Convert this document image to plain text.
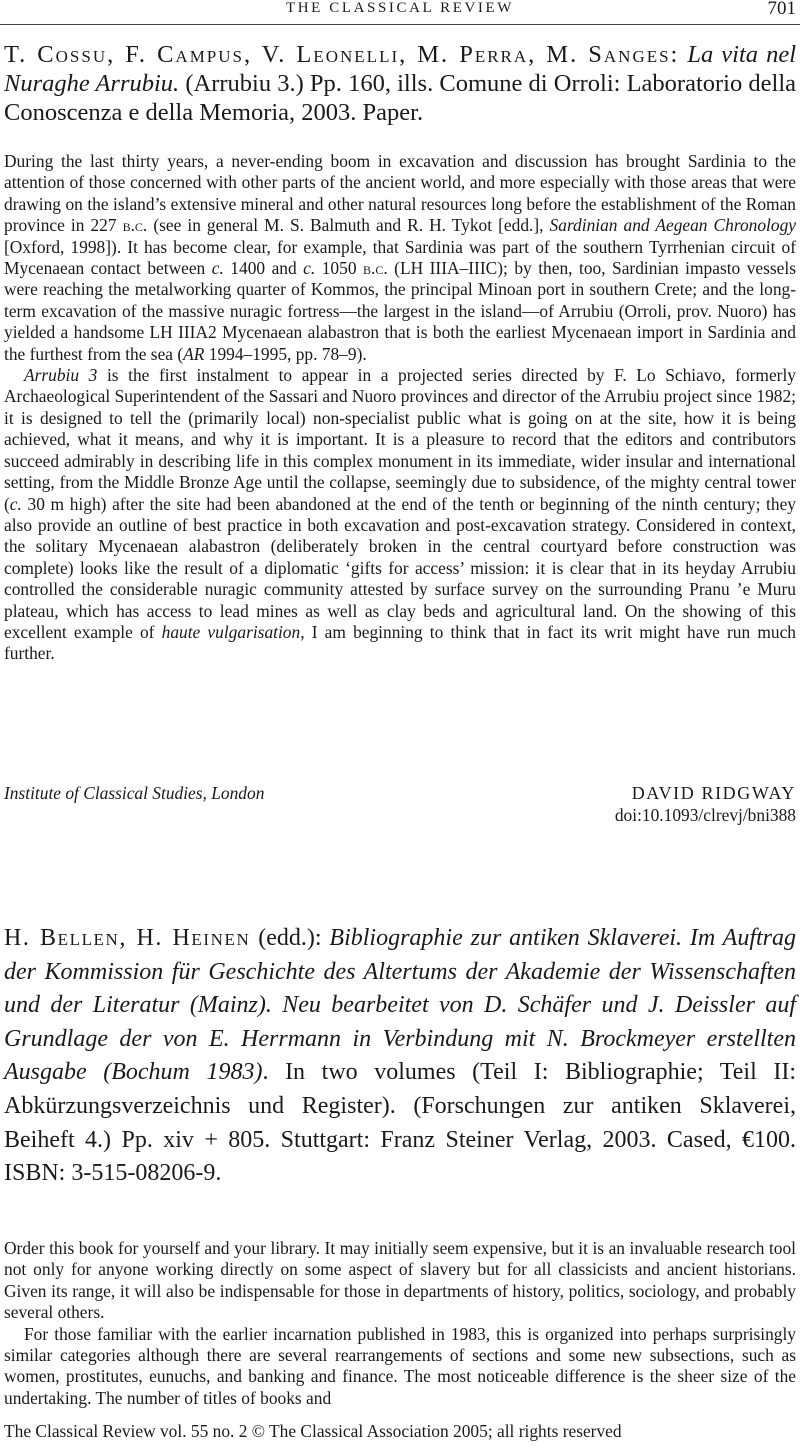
THE CLASSICAL REVIEW	701
T. Cossu, F. Campus, V. Leonelli, M. Perra, M. Sanges: La vita nel Nuraghe Arrubiu. (Arrubiu 3.) Pp. 160, ills. Comune di Orroli: Laboratorio della Conoscenza e della Memoria, 2003. Paper.

During the last thirty years, a never-ending boom in excavation and discussion has brought Sardinia to the attention of those concerned with other parts of the ancient world, and more especially with those areas that were drawing on the island’s extensive mineral and other natural resources long before the establishment of the Roman province in 227 b.c. (see in general M. S. Balmuth and R. H. Tykot [edd.], Sardinian and Aegean Chronology [Oxford, 1998]). It has become clear, for example, that Sardinia was part of the southern Tyrrhenian circuit of Mycenaean contact between c. 1400 and c. 1050 b.c. (LH IIIA–IIIC); by then, too, Sardinian impasto vessels were reaching the metalworking quarter of Kommos, the principal Minoan port in southern Crete; and the long-term excavation of the massive nuragic fortress—the largest in the island—of Arrubiu (Orroli, prov. Nuoro) has yielded a handsome LH IIIA2 Mycenaean alabastron that is both the earliest Mycenaean import in Sardinia and the furthest from the sea (AR 1994–1995, pp. 78–9).

Arrubiu 3 is the first instalment to appear in a projected series directed by F. Lo Schiavo, formerly Archaeological Superintendent of the Sassari and Nuoro provinces and director of the Arrubiu project since 1982; it is designed to tell the (primarily local) non-specialist public what is going on at the site, how it is being achieved, what it means, and why it is important. It is a pleasure to record that the editors and contributors succeed admirably in describing life in this complex monument in its immediate, wider insular and international setting, from the Middle Bronze Age until the collapse, seemingly due to subsidence, of the mighty central tower (c. 30 m high) after the site had been abandoned at the end of the tenth or beginning of the ninth century; they also provide an outline of best practice in both excavation and post-excavation strategy. Considered in context, the solitary Mycenaean alabastron (deliberately broken in the central courtyard before construction was complete) looks like the result of a diplomatic ‘gifts for access’ mission: it is clear that in its heyday Arrubiu controlled the considerable nuragic community attested by surface survey on the surrounding Pranu ’e Muru plateau, which has access to lead mines as well as clay beds and agricultural land. On the showing of this excellent example of haute vulgarisation, I am beginning to think that in fact its writ might have run much further.

Institute of Classical Studies, London	DAVID RIDGWAY
doi:10.1093/clrevj/bni388
H. Bellen, H. Heinen (edd.): Bibliographie zur antiken Sklaverei. Im Auftrag der Kommission für Geschichte des Altertums der Akademie der Wissenschaften und der Literatur (Mainz). Neu bearbeitet von D. Schäfer und J. Deissler auf Grundlage der von E. Herrmann in Verbindung mit N. Brockmeyer erstellten Ausgabe (Bochum 1983). In two volumes (Teil I: Bibliographie; Teil II: Abkürzungsverzeichnis und Register). (Forschungen zur antiken Sklaverei, Beiheft 4.) Pp. xiv + 805. Stuttgart: Franz Steiner Verlag, 2003. Cased, €100. ISBN: 3-515-08206-9.

Order this book for yourself and your library. It may initially seem expensive, but it is an invaluable research tool not only for anyone working directly on some aspect of slavery but for all classicists and ancient historians. Given its range, it will also be indispensable for those in departments of history, politics, sociology, and probably several others.

For those familiar with the earlier incarnation published in 1983, this is organized into perhaps surprisingly similar categories although there are several rearrangements of sections and some new subsections, such as women, prostitutes, eunuchs, and banking and finance. The most noticeable difference is the sheer size of the undertaking. The number of titles of books and

The Classical Review vol. 55 no. 2 © The Classical Association 2005; all rights reserved
